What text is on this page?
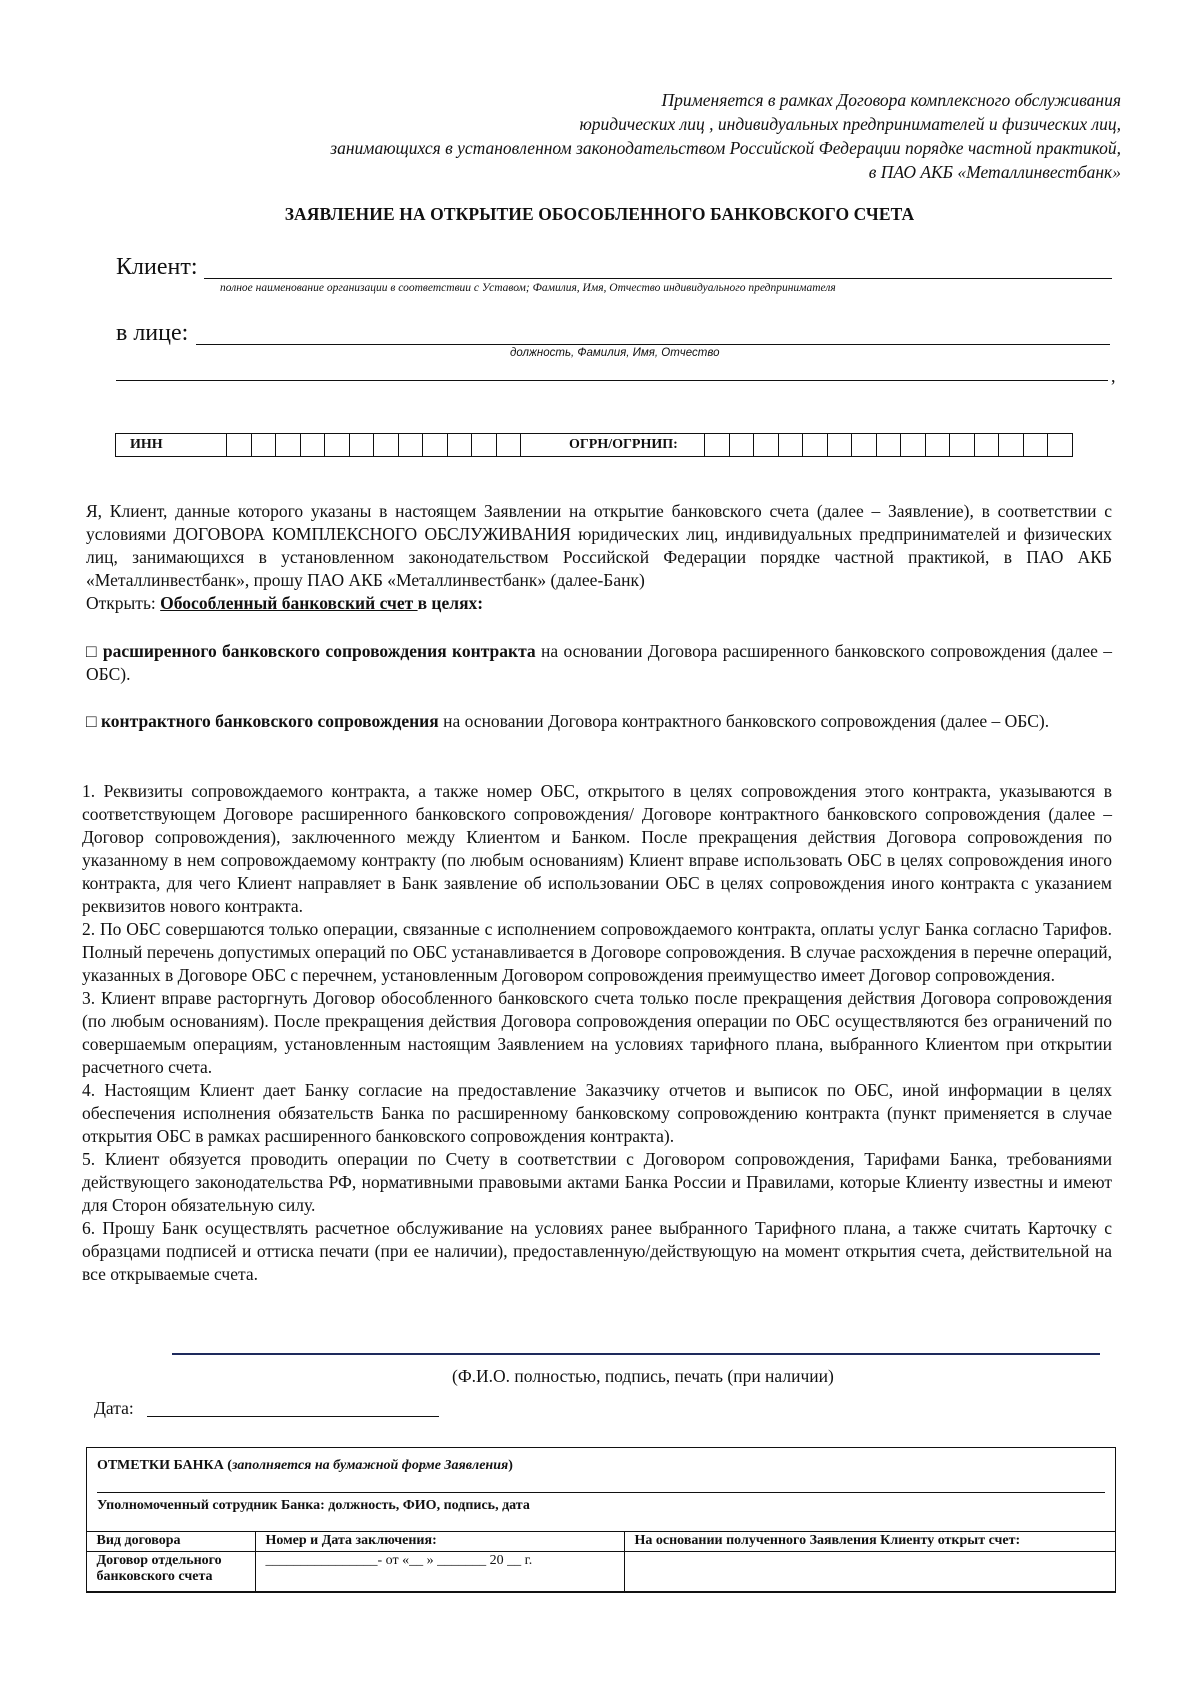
Применяется в рамках Договора комплексного обслуживания
юридических лиц , индивидуальных предпринимателей и физических лиц,
занимающихся в установленном законодательством Российской Федерации порядке частной практикой,
в ПАО АКБ «Металлинвестбанк»
ЗАЯВЛЕНИЕ НА ОТКРЫТИЕ ОБОСОБЛЕННОГО БАНКОВСКОГО СЧЕТА
Клиент:
полное наименование организации в соответствии с Уставом; Фамилия, Имя, Отчество индивидуального предпринимателя
в лице:
должность, Фамилия, Имя, Отчество
,
ИНН													ОГРН/ОГРНИП:															
Я, Клиент, данные которого указаны в настоящем Заявлении на открытие банковского счета (далее – Заявление), в соответствии с условиями ДОГОВОРА КОМПЛЕКСНОГО ОБСЛУЖИВАНИЯ юридических лиц, индивидуальных предпринимателей и физических лиц, занимающихся в установленном законодательством Российской Федерации порядке частной практикой, в ПАО АКБ «Металлинвестбанк», прошу ПАО АКБ «Металлинвестбанк» (далее-Банк)
Открыть: Обособленный банковский счет в целях:
□ расширенного банковского сопровождения контракта на основании Договора расширенного банковского сопровождения (далее – ОБС).
□ контрактного банковского сопровождения на основании Договора контрактного банковского сопровождения (далее – ОБС).

1. Реквизиты сопровождаемого контракта, а также номер ОБС, открытого в целях сопровождения этого контракта, указываются в соответствующем Договоре расширенного банковского сопровождения/ Договоре контрактного банковского сопровождения (далее – Договор сопровождения), заключенного между Клиентом и Банком. После прекращения действия Договора сопровождения по указанному в нем сопровождаемому контракту (по любым основаниям) Клиент вправе использовать ОБС в целях сопровождения иного контракта, для чего Клиент направляет в Банк заявление об использовании ОБС в целях сопровождения иного контракта с указанием реквизитов нового контракта.

2. По ОБС совершаются только операции, связанные с исполнением сопровождаемого контракта, оплаты услуг Банка согласно Тарифов. Полный перечень допустимых операций по ОБС устанавливается в Договоре сопровождения. В случае расхождения в перечне операций, указанных в Договоре ОБС с перечнем, установленным Договором сопровождения преимущество имеет Договор сопровождения.

3. Клиент вправе расторгнуть Договор обособленного банковского счета только после прекращения действия Договора сопровождения (по любым основаниям). После прекращения действия Договора сопровождения операции по ОБС осуществляются без ограничений по совершаемым операциям, установленным настоящим Заявлением на условиях тарифного плана, выбранного Клиентом при открытии расчетного счета.

4. Настоящим Клиент дает Банку согласие на предоставление Заказчику отчетов и выписок по ОБС, иной информации в целях обеспечения исполнения обязательств Банка по расширенному банковскому сопровождению контракта (пункт применяется в случае открытия ОБС в рамках расширенного банковского сопровождения контракта).

5. Клиент обязуется проводить операции по Счету в соответствии с Договором сопровождения, Тарифами Банка, требованиями действующего законодательства РФ, нормативными правовыми актами Банка России и Правилами, которые Клиенту известны и имеют для Сторон обязательную силу.

6. Прошу Банк осуществлять расчетное обслуживание на условиях ранее выбранного Тарифного плана, а также считать Карточку с образцами подписей и оттиска печати (при ее наличии), предоставленную/действующую на момент открытия счета, действительной на все открываемые счета.

(Ф.И.О. полностью, подпись, печать (при наличии)
Дата:
ОТМЕТКИ БАНКА (заполняется на бумажной форме Заявления)
Уполномоченный сотрудник Банка: должность, ФИО, подпись, дата
Вид договора	Номер и Дата заключения:	На основании полученного Заявления Клиенту открыт счет:
Договор отдельного банковского счета	________________- от «__ » _______ 20 __ г.	
